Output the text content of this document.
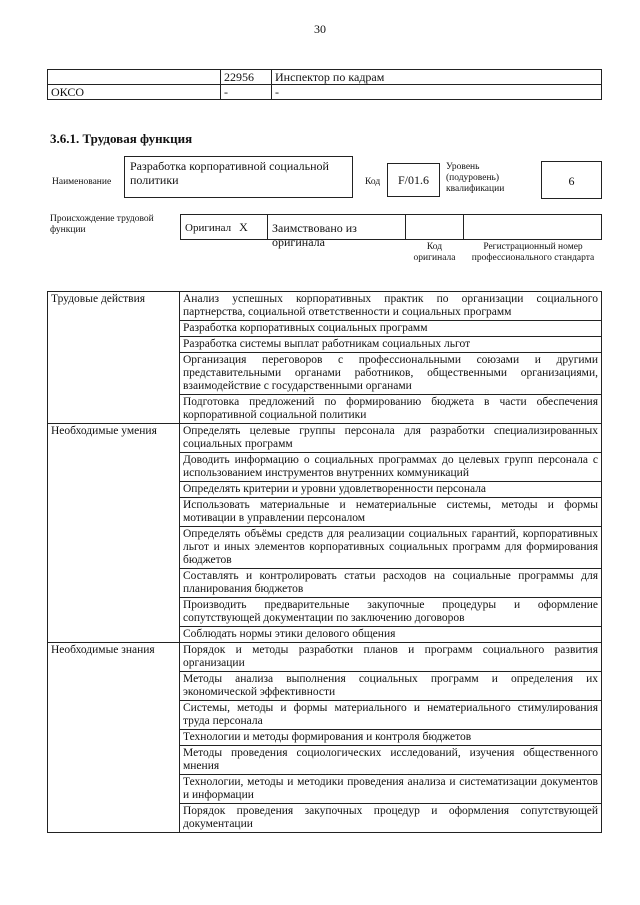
30
	22956	Инспектор по кадрам
ОКСО	-	-
3.6.1. Трудовая функция
Наименование
Разработка корпоративной социальной политики	Код	F/01.6
Уровень (подуровень) квалификации
6
Происхождение трудовой функции	Оригинал X	Заимствовано из оригинала	Код оригинала
Регистрационный номер профессионального стандарта
Трудовые действия	Анализ успешных корпоративных практик по организации социального партнерства, социальной ответственности и социальных программ

	Разработка корпоративных социальных программ

	Разработка системы выплат работникам социальных льгот

	Организация переговоров с профессиональными союзами и другими представительными органами работников, общественными организациями, взаимодействие с государственными органами

	Подготовка предложений по формированию бюджета в части обеспечения корпоративной социальной политики

Необходимые умения	Определять целевые группы персонала для разработки специализированных социальных программ

	Доводить информацию о социальных программах до целевых групп персонала с использованием инструментов внутренних коммуникаций

	Определять критерии и уровни удовлетворенности персонала

	Использовать материальные и нематериальные системы, методы и формы мотивации в управлении персоналом

	Определять объёмы средств для реализации социальных гарантий, корпоративных льгот и иных элементов корпоративных социальных программ для формирования бюджетов

	Составлять и контролировать статьи расходов на социальные программы для планирования бюджетов

	Производить предварительные закупочные процедуры и оформление сопутствующей документации по заключению договоров

	Соблюдать нормы этики делового общения

Необходимые знания	Порядок и методы разработки планов и программ социального развития организации

	Методы анализа выполнения социальных программ и определения их экономической эффективности

	Системы, методы и формы материального и нематериального стимулирования труда персонала

	Технологии и методы формирования и контроля бюджетов

	Методы проведения социологических исследований, изучения общественного мнения

	Технологии, методы и методики проведения анализа и систематизации документов и информации

	Порядок проведения закупочных процедур и оформления сопутствующей документации
